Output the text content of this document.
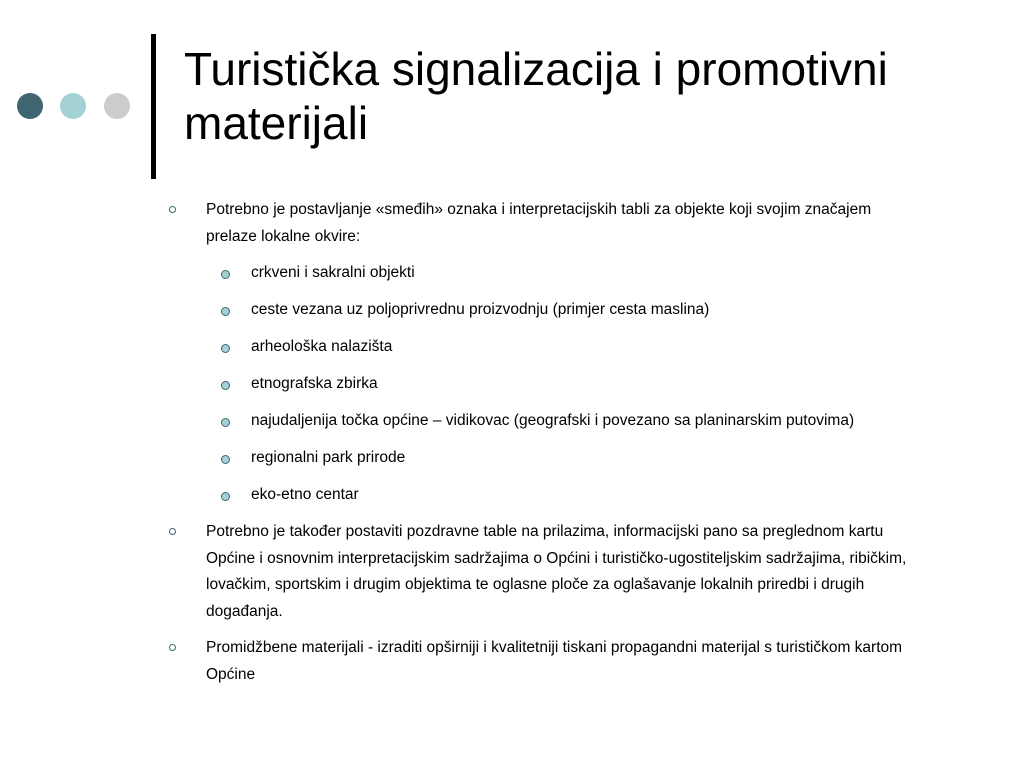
Turistička signalizacija i promotivni materijali
Potrebno je postavljanje «smeđih» oznaka i interpretacijskih tabli za objekte koji svojim značajem prelaze lokalne okvire:
crkveni i sakralni objekti
ceste vezana uz poljoprivrednu proizvodnju (primjer cesta maslina)
arheološka nalazišta
etnografska zbirka
najudaljenija točka općine – vidikovac (geografski i povezano sa planinarskim putovima)
regionalni park prirode
eko-etno centar
Potrebno je također postaviti pozdravne table na prilazima, informacijski pano sa preglednom kartu Općine i osnovnim interpretacijskim sadržajima o Općini i turističko-ugostiteljskim sadržajima, ribičkim, lovačkim, sportskim i drugim objektima te oglasne ploče za oglašavanje lokalnih priredbi i drugih događanja.
Promidžbene materijali - izraditi opširniji i kvalitetniji tiskani propagandni materijal s turističkom kartom Općine
